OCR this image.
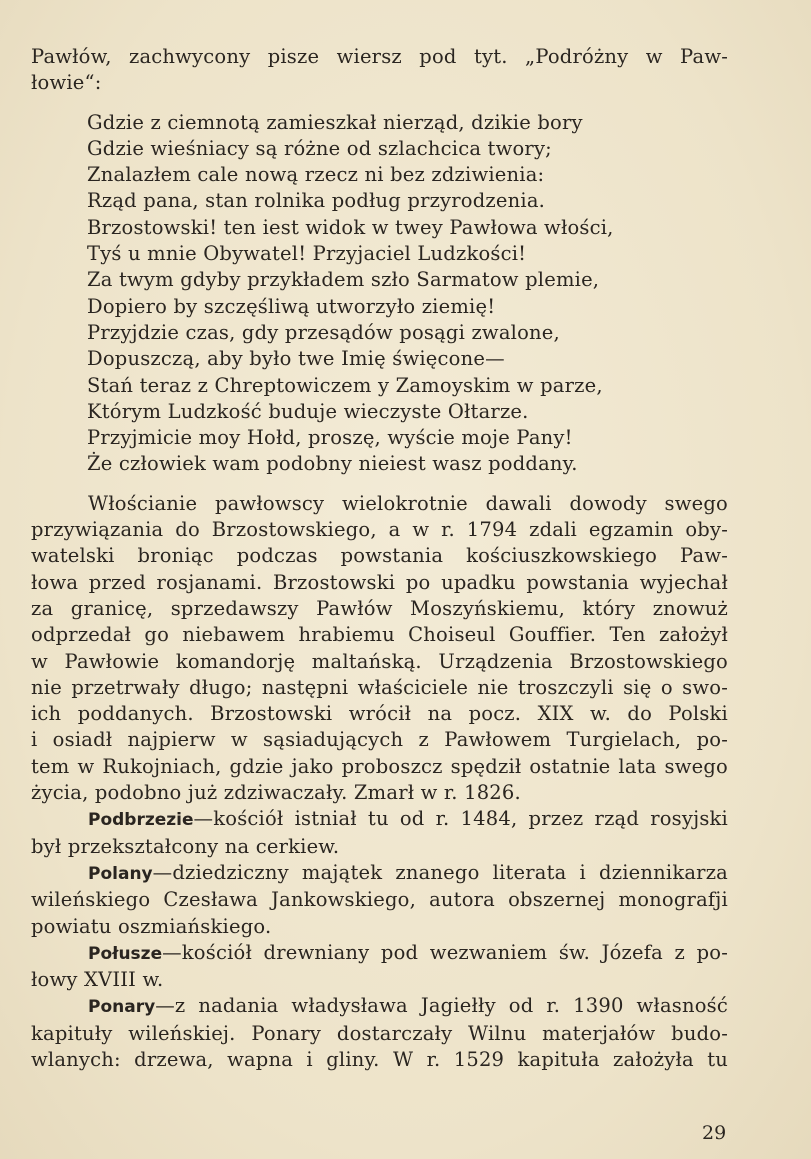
Pawłów, zachwycony pisze wiersz pod tyt. „Podróżny w Paw-
łowie“:

Gdzie z ciemnotą zamieszkał nierząd, dzikie bory
Gdzie wieśniacy są różne od szlachcica twory;
Znalazłem cale nową rzecz ni bez zdziwienia:
Rząd pana, stan rolnika podług przyrodzenia.
Brzostowski! ten iest widok w twey Pawłowa włości,
Tyś u mnie Obywatel! Przyjaciel Ludzkości!
Za twym gdyby przykładem szło Sarmatow plemie,
Dopiero by szczęśliwą utworzyło ziemię!
Przyjdzie czas, gdy przesądów posągi zwalone,
Dopuszczą, aby było twe Imię święcone—
Stań teraz z Chreptowiczem y Zamoyskim w parze,
Którym Ludzkość buduje wieczyste Ołtarze.
Przyjmicie moy Hołd, proszę, wyście moje Pany!
Że człowiek wam podobny nieiest wasz poddany.

Włościanie pawłowscy wielokrotnie dawali dowody swego
przywiązania do Brzostowskiego, a w r. 1794 zdali egzamin oby-
watelski broniąc podczas powstania kościuszkowskiego Paw-
łowa przed rosjanami. Brzostowski po upadku powstania wyjechał
za granicę, sprzedawszy Pawłów Moszyńskiemu, który znowuż
odprzedał go niebawem hrabiemu Choiseul Gouffier. Ten założył
w Pawłowie komandorję maltańską. Urządzenia Brzostowskiego
nie przetrwały długo; następni właściciele nie troszczyli się o swo-
ich poddanych. Brzostowski wrócił na pocz. XIX w. do Polski
i osiadł najpierw w sąsiadujących z Pawłowem Turgielach, po-
tem w Rukojniach, gdzie jako proboszcz spędził ostatnie lata swego
życia, podobno już zdziwaczały. Zmarł w r. 1826.

Podbrzezie—kościół istniał tu od r. 1484, przez rząd rosyjski
był przekształcony na cerkiew.

Polany—dziedziczny majątek znanego literata i dziennikarza
wileńskiego Czesława Jankowskiego, autora obszernej monografji
powiatu oszmiańskiego.

Połusze—kościół drewniany pod wezwaniem św. Józefa z po-
łowy XVIII w.

Ponary—z nadania władysława Jagiełły od r. 1390 własność
kapituły wileńskiej. Ponary dostarczały Wilnu materjałów budo-
wlanych: drzewa, wapna i gliny. W r. 1529 kapituła założyła tu

29
